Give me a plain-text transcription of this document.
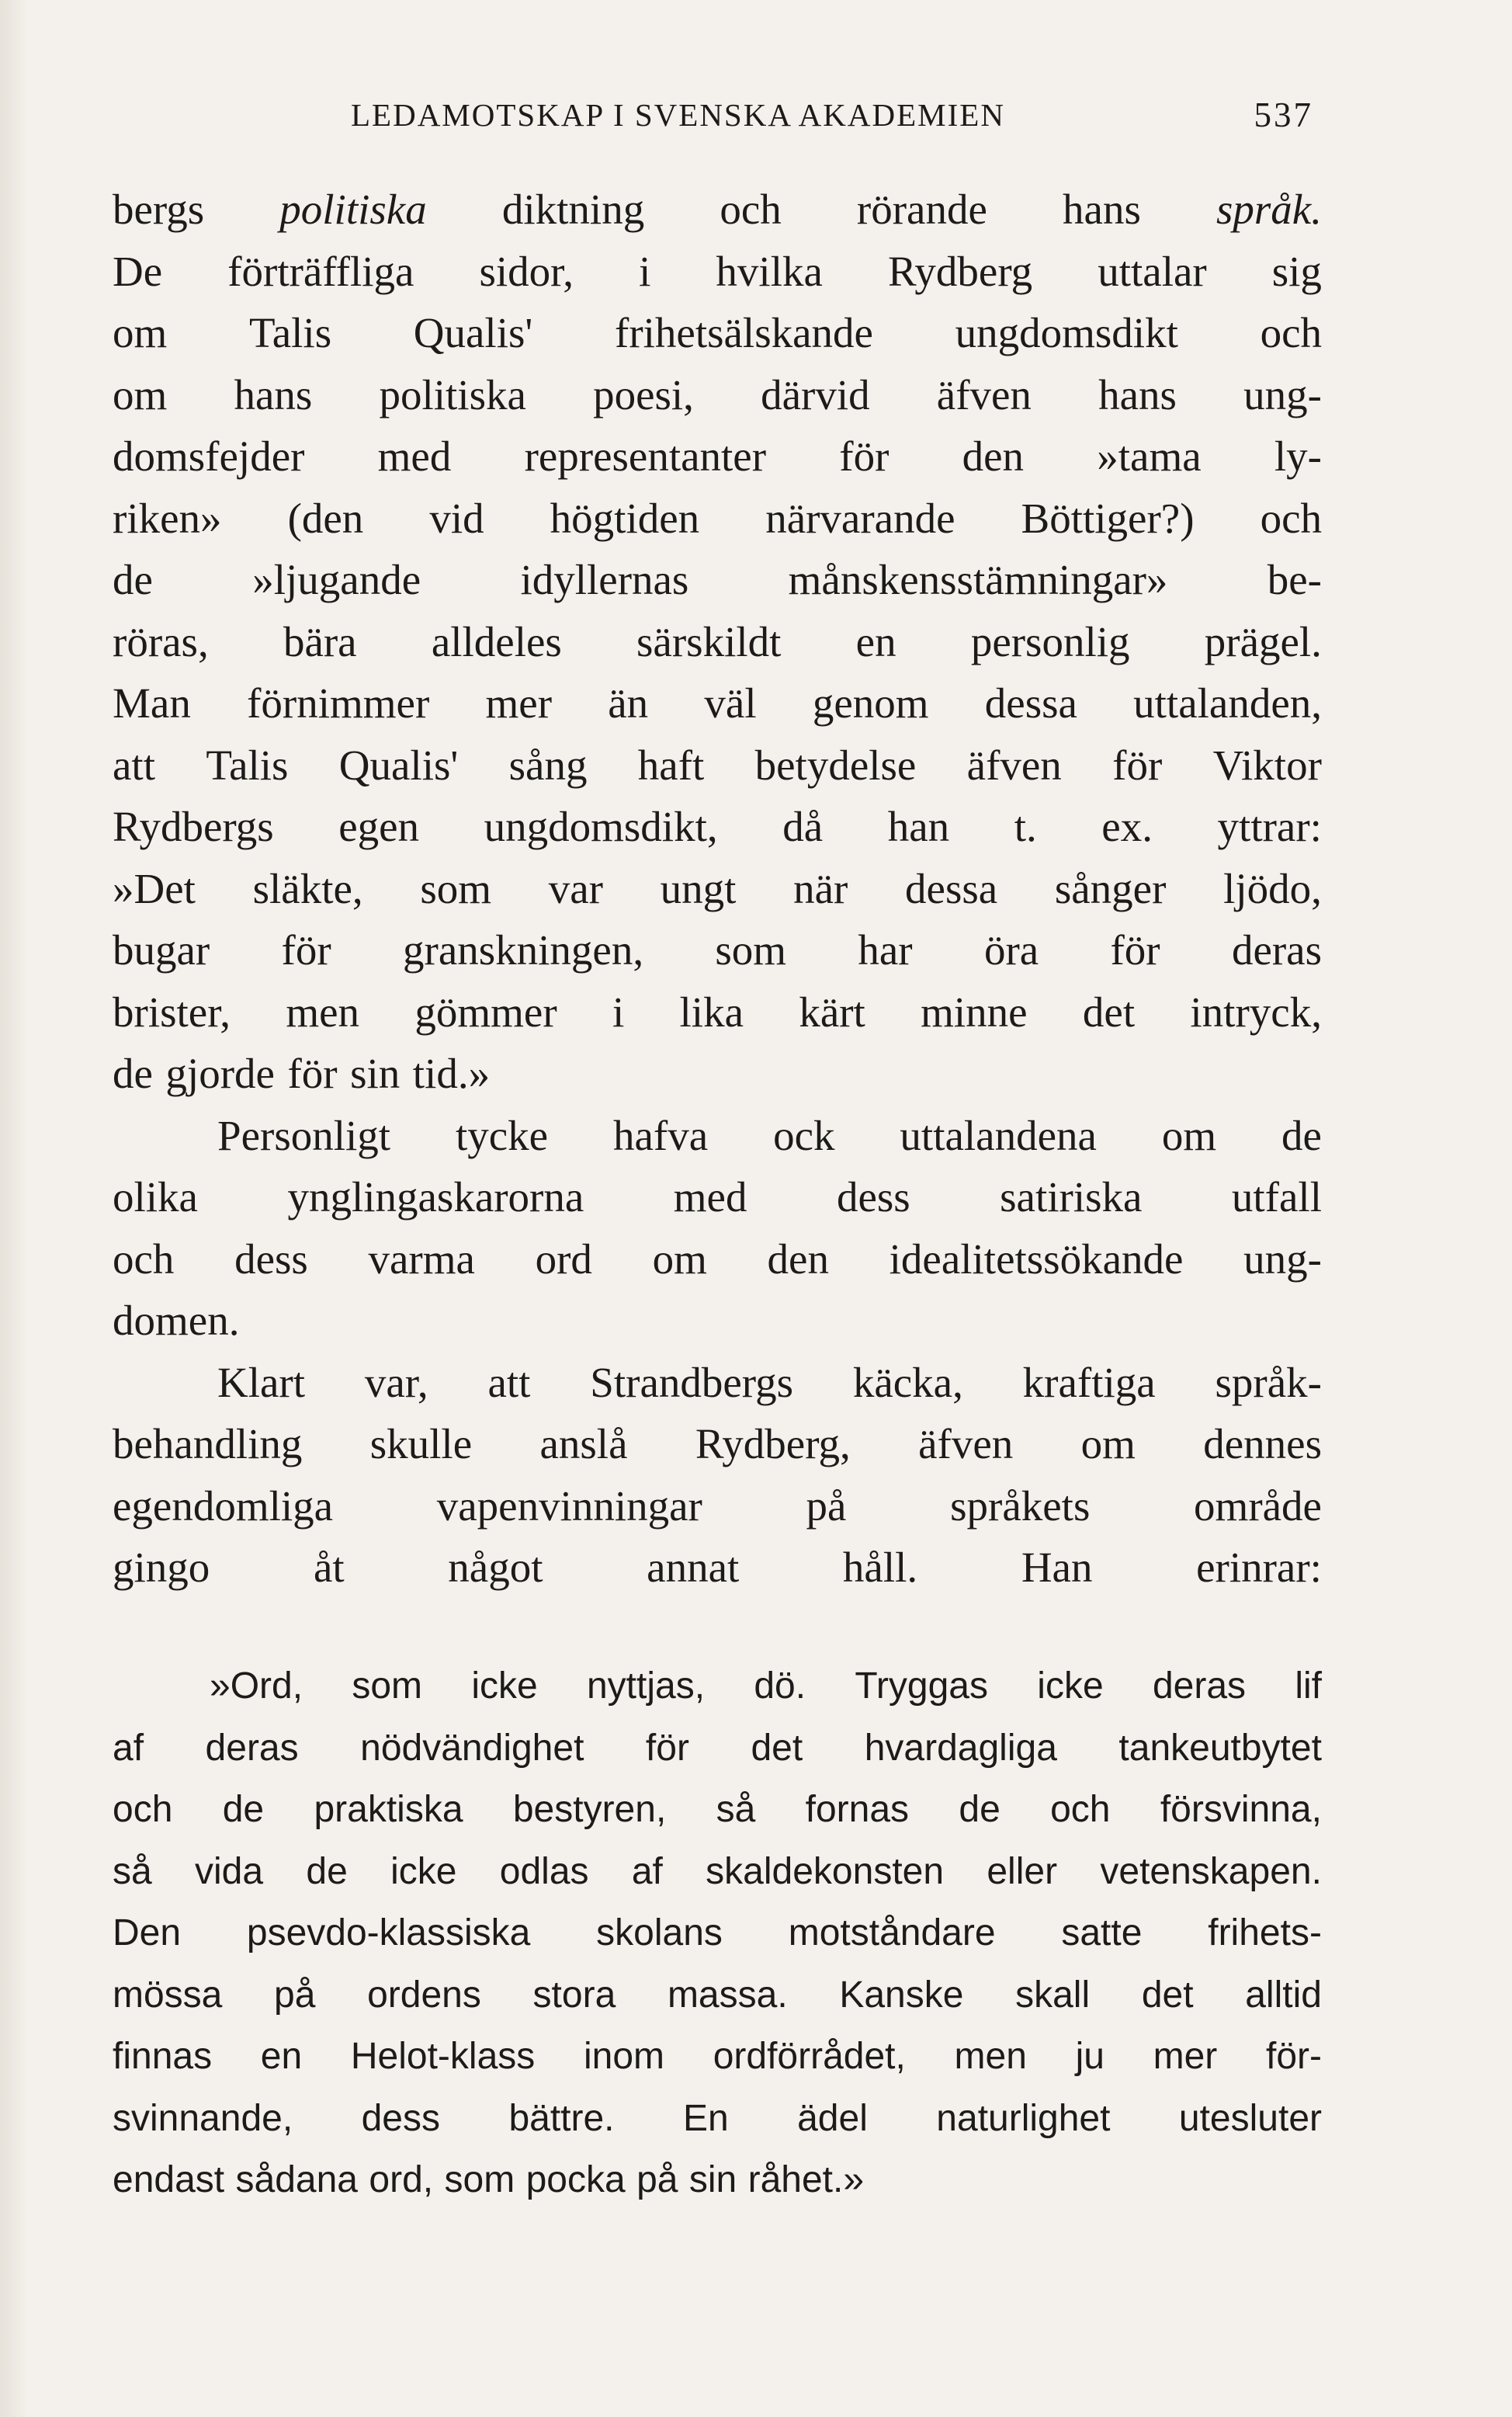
LEDAMOTSKAP I SVENSKA AKADEMIEN	537
bergs politiska diktning och rörande hans språk.
De förträffliga sidor, i hvilka Rydberg uttalar sig
om Talis Qualis' frihetsälskande ungdomsdikt och
om hans politiska poesi, därvid äfven hans ung-
domsfejder med representanter för den »tama ly-
riken» (den vid högtiden närvarande Böttiger?) och
de »ljugande idyllernas månskensstämningar» be-
röras, bära alldeles särskildt en personlig prägel.
Man förnimmer mer än väl genom dessa uttalanden,
att Talis Qualis' sång haft betydelse äfven för Viktor
Rydbergs egen ungdomsdikt, då han t. ex. yttrar:
»Det släkte, som var ungt när dessa sånger ljödo,
bugar för granskningen, som har öra för deras
brister, men gömmer i lika kärt minne det intryck,
de gjorde för sin tid.»
Personligt tycke hafva ock uttalandena om de
olika ynglingaskarorna med dess satiriska utfall
och dess varma ord om den idealitetssökande ung-
domen.
Klart var, att Strandbergs käcka, kraftiga språk-
behandling skulle anslå Rydberg, äfven om dennes
egendomliga vapenvinningar på språkets område
gingo åt något annat håll. Han erinrar:
»Ord, som icke nyttjas, dö. Tryggas icke deras lif
af deras nödvändighet för det hvardagliga tankeutbytet
och de praktiska bestyren, så fornas de och försvinna,
så vida de icke odlas af skaldekonsten eller vetenskapen.
Den psevdo-klassiska skolans motståndare satte frihets-
mössa på ordens stora massa. Kanske skall det alltid
finnas en Helot-klass inom ordförrådet, men ju mer för-
svinnande, dess bättre. En ädel naturlighet utesluter
endast sådana ord, som pocka på sin råhet.»
